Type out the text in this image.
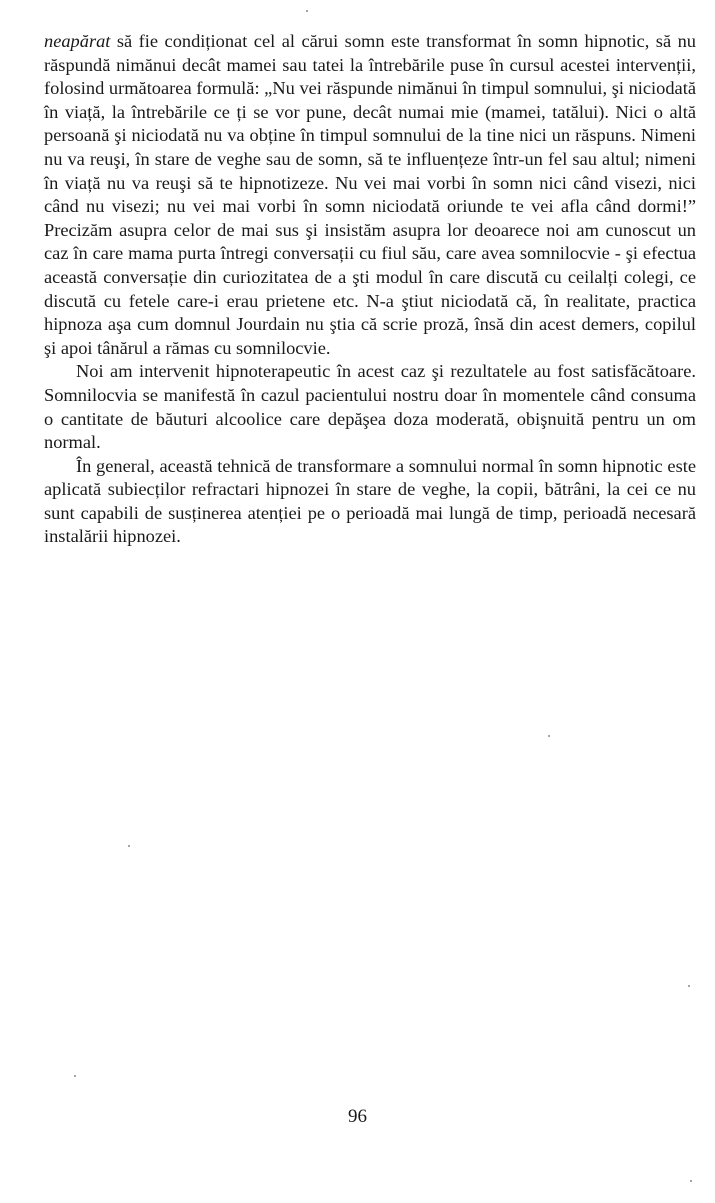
neapărat să fie condiționat cel al cărui somn este transformat în somn hipnotic, să nu răspundă nimănui decât mamei sau tatei la întrebările puse în cursul acestei intervenții, folosind următoarea formulă: „Nu vei răspunde nimănui în timpul somnului, şi niciodată în viață, la întrebările ce ți se vor pune, decât numai mie (mamei, tatălui). Nici o altă persoană şi niciodată nu va obține în timpul somnului de la tine nici un răspuns. Nimeni nu va reuşi, în stare de veghe sau de somn, să te influențeze într-un fel sau altul; nimeni în viață nu va reuşi să te hipnotizeze. Nu vei mai vorbi în somn nici când visezi, nici când nu visezi; nu vei mai vorbi în somn niciodată oriunde te vei afla când dormi!” Precizăm asupra celor de mai sus şi insistăm asupra lor deoarece noi am cunoscut un caz în care mama purta întregi conversații cu fiul său, care avea somnilocvie - şi efectua această conversație din curiozitatea de a şti modul în care discută cu ceilalți colegi, ce discută cu fetele care-i erau prietene etc. N-a ştiut niciodată că, în realitate, practica hipnoza aşa cum domnul Jourdain nu ştia că scrie proză, însă din acest demers, copilul şi apoi tânărul a rămas cu somnilocvie.

Noi am intervenit hipnoterapeutic în acest caz şi rezultatele au fost satisfăcătoare. Somnilocvia se manifestă în cazul pacientului nostru doar în momentele când consuma o cantitate de băuturi alcoolice care depăşea doza moderată, obişnuită pentru un om normal.

În general, această tehnică de transformare a somnului normal în somn hipnotic este aplicată subiecților refractari hipnozei în stare de veghe, la copii, bătrâni, la cei ce nu sunt capabili de susținerea atenției pe o perioadă mai lungă de timp, perioadă necesară instalării hipnozei.

96
